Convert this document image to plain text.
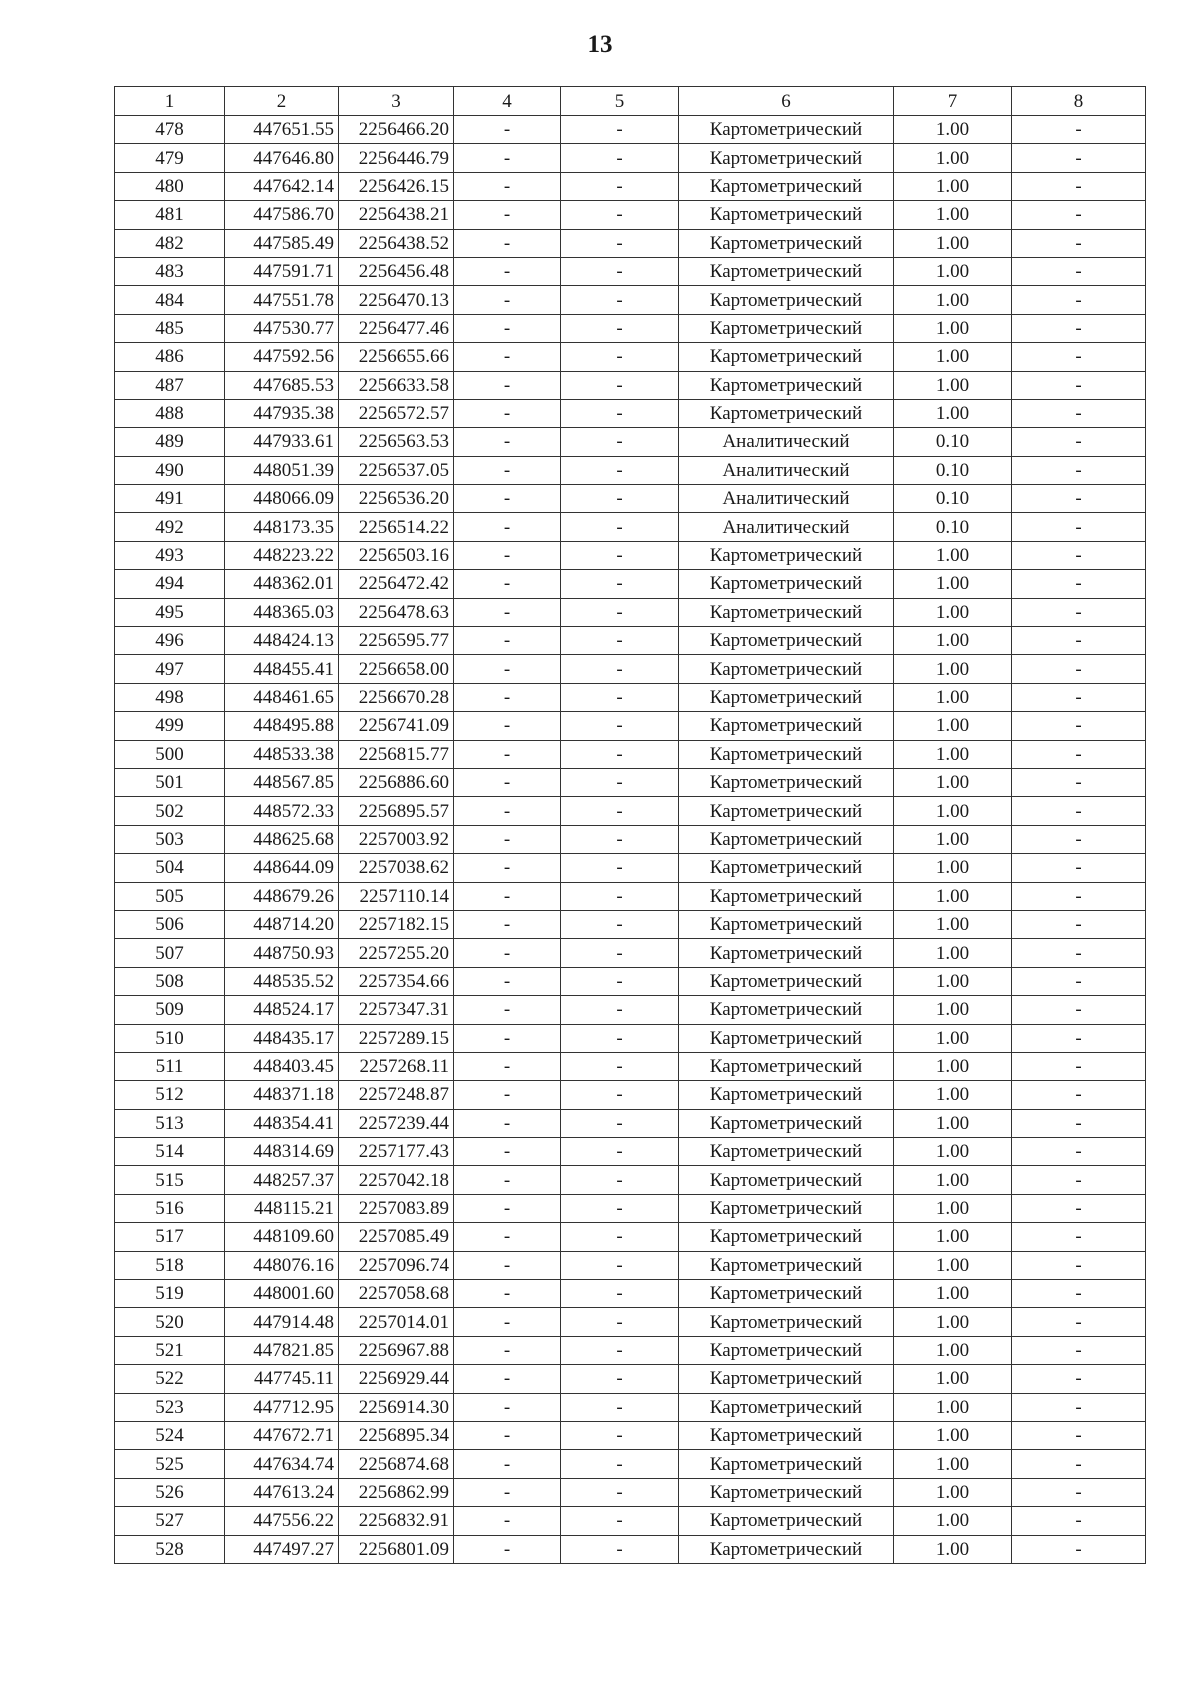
13
1	2	3	4	5	6	7	8
478	447651.55	2256466.20	-	-	Картометрический	1.00	-
479	447646.80	2256446.79	-	-	Картометрический	1.00	-
480	447642.14	2256426.15	-	-	Картометрический	1.00	-
481	447586.70	2256438.21	-	-	Картометрический	1.00	-
482	447585.49	2256438.52	-	-	Картометрический	1.00	-
483	447591.71	2256456.48	-	-	Картометрический	1.00	-
484	447551.78	2256470.13	-	-	Картометрический	1.00	-
485	447530.77	2256477.46	-	-	Картометрический	1.00	-
486	447592.56	2256655.66	-	-	Картометрический	1.00	-
487	447685.53	2256633.58	-	-	Картометрический	1.00	-
488	447935.38	2256572.57	-	-	Картометрический	1.00	-
489	447933.61	2256563.53	-	-	Аналитический	0.10	-
490	448051.39	2256537.05	-	-	Аналитический	0.10	-
491	448066.09	2256536.20	-	-	Аналитический	0.10	-
492	448173.35	2256514.22	-	-	Аналитический	0.10	-
493	448223.22	2256503.16	-	-	Картометрический	1.00	-
494	448362.01	2256472.42	-	-	Картометрический	1.00	-
495	448365.03	2256478.63	-	-	Картометрический	1.00	-
496	448424.13	2256595.77	-	-	Картометрический	1.00	-
497	448455.41	2256658.00	-	-	Картометрический	1.00	-
498	448461.65	2256670.28	-	-	Картометрический	1.00	-
499	448495.88	2256741.09	-	-	Картометрический	1.00	-
500	448533.38	2256815.77	-	-	Картометрический	1.00	-
501	448567.85	2256886.60	-	-	Картометрический	1.00	-
502	448572.33	2256895.57	-	-	Картометрический	1.00	-
503	448625.68	2257003.92	-	-	Картометрический	1.00	-
504	448644.09	2257038.62	-	-	Картометрический	1.00	-
505	448679.26	2257110.14	-	-	Картометрический	1.00	-
506	448714.20	2257182.15	-	-	Картометрический	1.00	-
507	448750.93	2257255.20	-	-	Картометрический	1.00	-
508	448535.52	2257354.66	-	-	Картометрический	1.00	-
509	448524.17	2257347.31	-	-	Картометрический	1.00	-
510	448435.17	2257289.15	-	-	Картометрический	1.00	-
511	448403.45	2257268.11	-	-	Картометрический	1.00	-
512	448371.18	2257248.87	-	-	Картометрический	1.00	-
513	448354.41	2257239.44	-	-	Картометрический	1.00	-
514	448314.69	2257177.43	-	-	Картометрический	1.00	-
515	448257.37	2257042.18	-	-	Картометрический	1.00	-
516	448115.21	2257083.89	-	-	Картометрический	1.00	-
517	448109.60	2257085.49	-	-	Картометрический	1.00	-
518	448076.16	2257096.74	-	-	Картометрический	1.00	-
519	448001.60	2257058.68	-	-	Картометрический	1.00	-
520	447914.48	2257014.01	-	-	Картометрический	1.00	-
521	447821.85	2256967.88	-	-	Картометрический	1.00	-
522	447745.11	2256929.44	-	-	Картометрический	1.00	-
523	447712.95	2256914.30	-	-	Картометрический	1.00	-
524	447672.71	2256895.34	-	-	Картометрический	1.00	-
525	447634.74	2256874.68	-	-	Картометрический	1.00	-
526	447613.24	2256862.99	-	-	Картометрический	1.00	-
527	447556.22	2256832.91	-	-	Картометрический	1.00	-
528	447497.27	2256801.09	-	-	Картометрический	1.00	-
